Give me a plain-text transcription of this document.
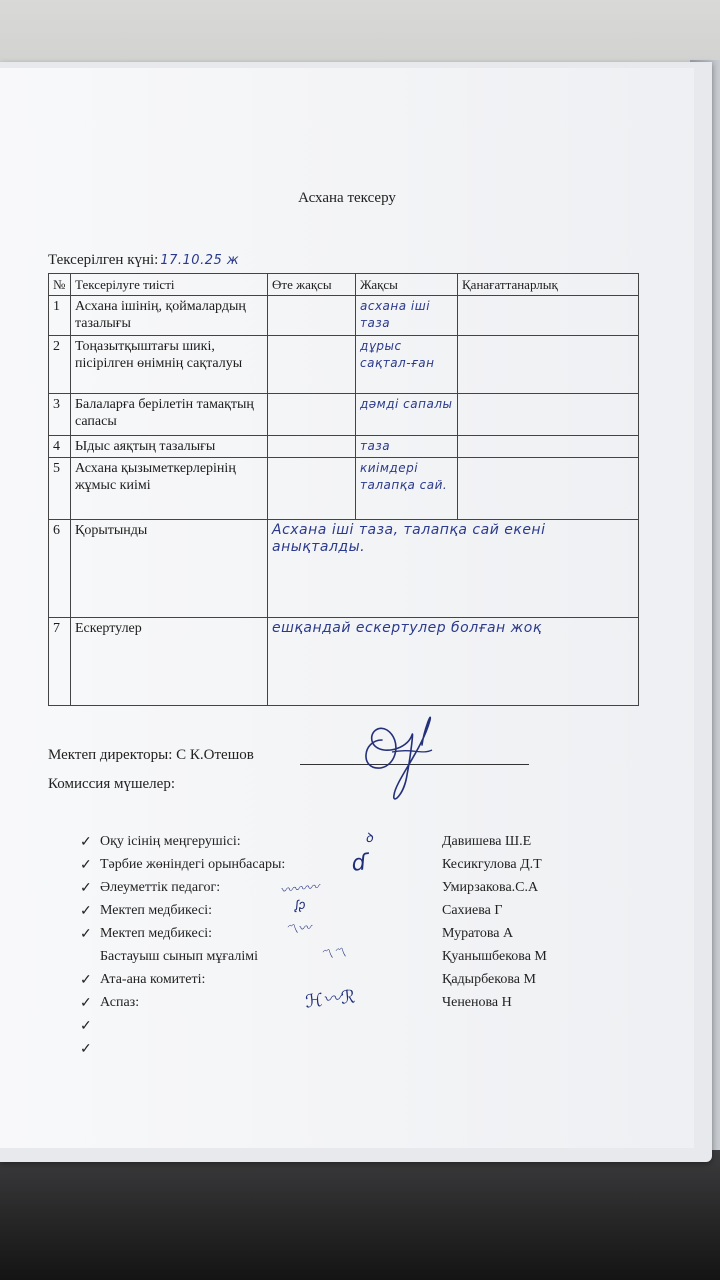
Асхана тексеру
Тексерілген күні: 17.10.25 ж
№	Тексерілуге тиісті	Өте жақсы	Жақсы	Қанағаттанарлық
1	Асхана ішінің, қоймалардың тазалығы		асхана іші таза	
2	Тоңазытқыштағы шикі, пісірілген өнімнің сақталуы		дұрыс сақтал-ған	
3	Балаларға берілетін тамақтың сапасы		дәмді сапалы	
4	Ыдыс аяқтың тазалығы		таза	
5	Асхана қызыметкерлерінің жұмыс киімі		киімдері талапқа сай.	
6	Қорытынды	Асхана іші таза, талапқа сай екені анықталды.		
7	Ескертулер	ешқандай ескертулер болған жоқ		
Мектеп директоры: С К.Отешов
Комиссия мүшелер:
✓ Оқу ісінің меңгерушісі:	Давишева Ш.Е
ꝺ
✓ Тәрбие жөніндегі орынбасары:	Кесикгулова Д.Т
ɗ
✓ Әлеуметтік педагог:	Умирзакова.С.А
〰〰〰
✓ Мектеп медбикесі:	Сахиева Г
ᶘᶗ
✓ Мектеп медбикесі:	Муратова А
〽〰
Бастауыш сынып мұғалімі	Қуанышбекова М
〽〽
✓ Ата-ана комитеті:	Қадырбекова М
✓ Аспаз:	Чененова Н
ℋ〰ℛ
✓
✓
